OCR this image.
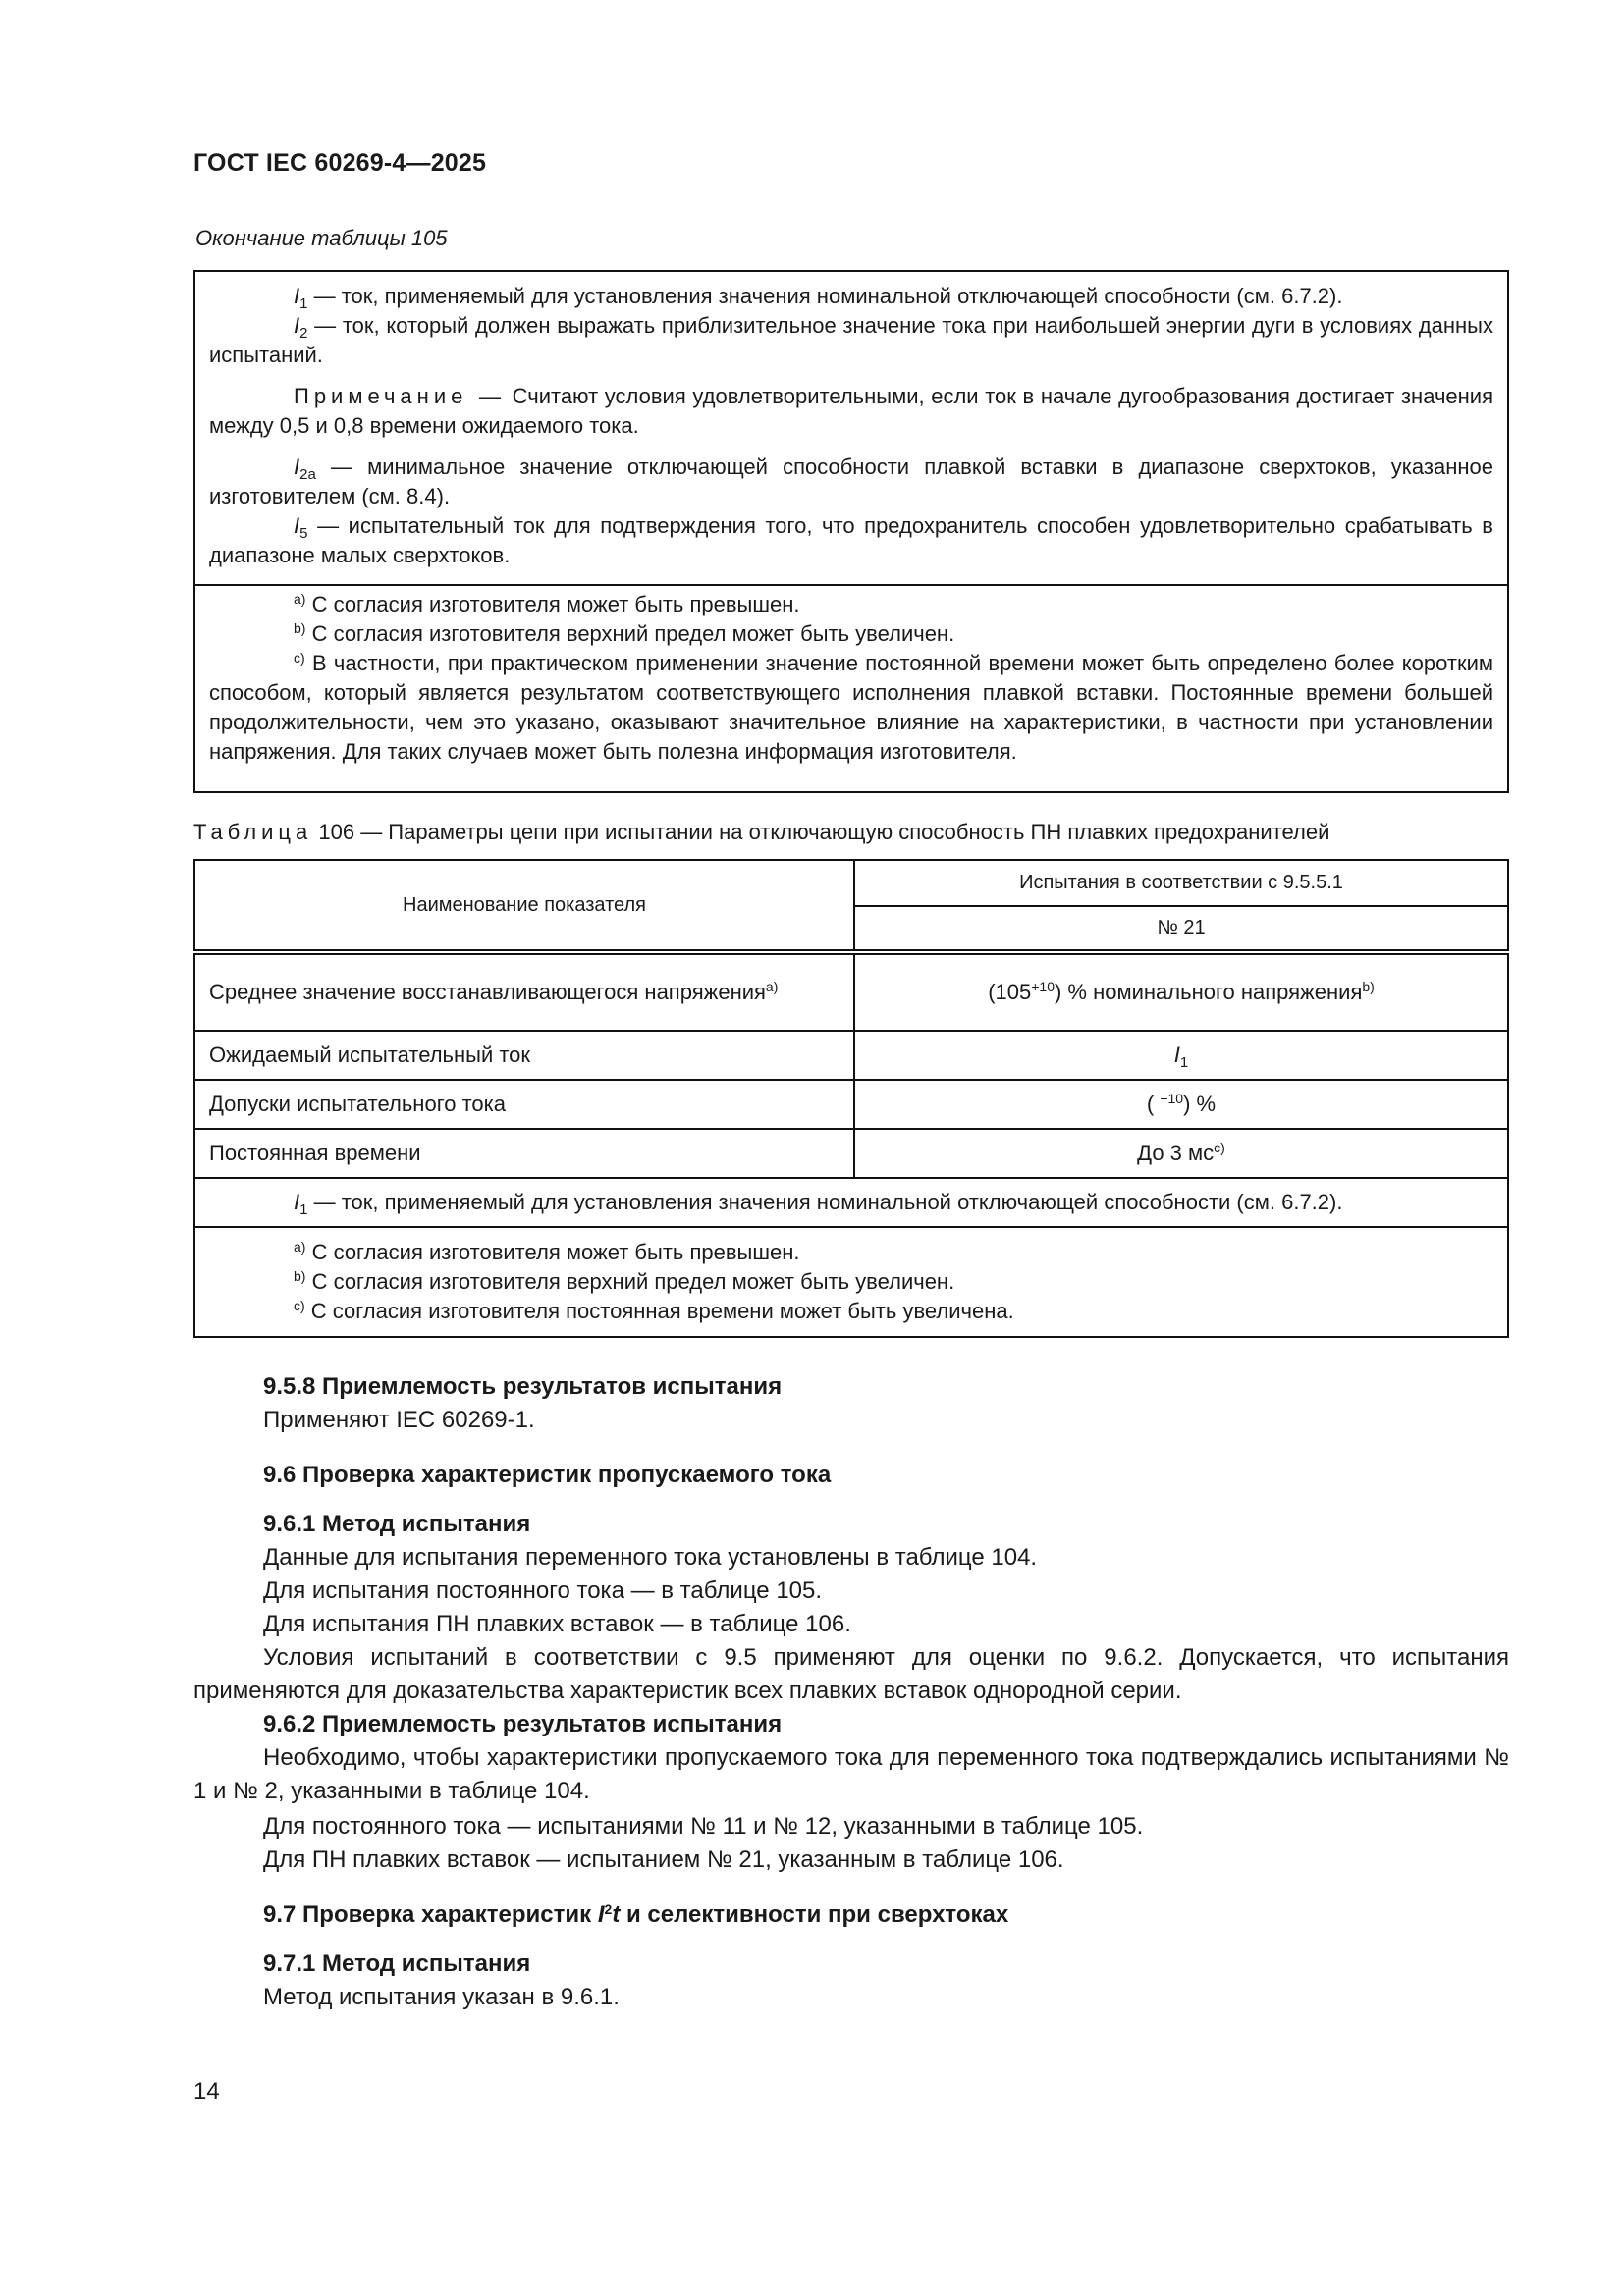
ГОСТ IEC 60269-4—2025
Окончание таблицы 105

$I_1$ — ток, применяемый для установления значения номинальной отключающей способности (см. 6.7.2).

$I_2$ — ток, который должен выражать приблизительное значение тока при наибольшей энергии дуги в условиях данных испытаний.

Примечание — Считают условия удовлетворительными, если ток в начале дугообразования достигает значения между 0,5 и 0,8 времени ожидаемого тока.

$I_{2a}$ — минимальное значение отключающей способности плавкой вставки в диапазоне сверхтоков, указанное изготовителем (см. 8.4).

$I_5$ — испытательный ток для подтверждения того, что предохранитель способен удовлетворительно срабатывать в диапазоне малых сверхтоков.

$^{a)}$ С согласия изготовителя может быть превышен.

$^{b)}$ С согласия изготовителя верхний предел может быть увеличен.

$^{c)}$ В частности, при практическом применении значение постоянной времени может быть определено более коротким способом, который является результатом соответствующего исполнения плавкой вставки. Постоянные времени большей продолжительности, чем это указано, оказывают значительное влияние на характеристики, в частности при установлении напряжения. Для таких случаев может быть полезна информация изготовителя.

Таблица 106 — Параметры цепи при испытании на отключающую способность ПН плавких предохранителей
Наименование показателя	Испытания в соответствии с 9.5.5.1
	№ 21
Среднее значение восстанавливающегося напряжения$^{a)}$	$(105^{+10})$ % номинального напряжения$^{b)}$
Ожидаемый испытательный ток	$I_1$
Допуски испытательного тока	( $^{+10}$) %
Постоянная времени	До 3 $мс^{c)}$
$I_1$ — ток, применяемый для установления значения номинальной отключающей способности (см. 6.7.2).	

$^{a)}$ С согласия изготовителя может быть превышен.
$^{b)}$ С согласия изготовителя верхний предел может быть увеличен.
$^{c)}$ С согласия изготовителя постоянная времени может быть увеличена.	
9.5.8 Приемлемость результатов испытания
Применяют IEC 60269-1.
9.6 Проверка характеристик пропускаемого тока
9.6.1 Метод испытания
Данные для испытания переменного тока установлены в таблице 104.
Для испытания постоянного тока — в таблице 105.
Для испытания ПН плавких вставок — в таблице 106.
Условия испытаний в соответствии с 9.5 применяют для оценки по 9.6.2. Допускается, что испытания применяются для доказательства характеристик всех плавких вставок однородной серии.
9.6.2 Приемлемость результатов испытания
Необходимо, чтобы характеристики пропускаемого тока для переменного тока подтверждались испытаниями № 1 и № 2, указанными в таблице 104.
Для постоянного тока — испытаниями № 11 и № 12, указанными в таблице 105.
Для ПН плавких вставок — испытанием № 21, указанным в таблице 106.
9.7 Проверка характеристик $I^2t$ и селективности при сверхтоках
9.7.1 Метод испытания
Метод испытания указан в 9.6.1.
14
